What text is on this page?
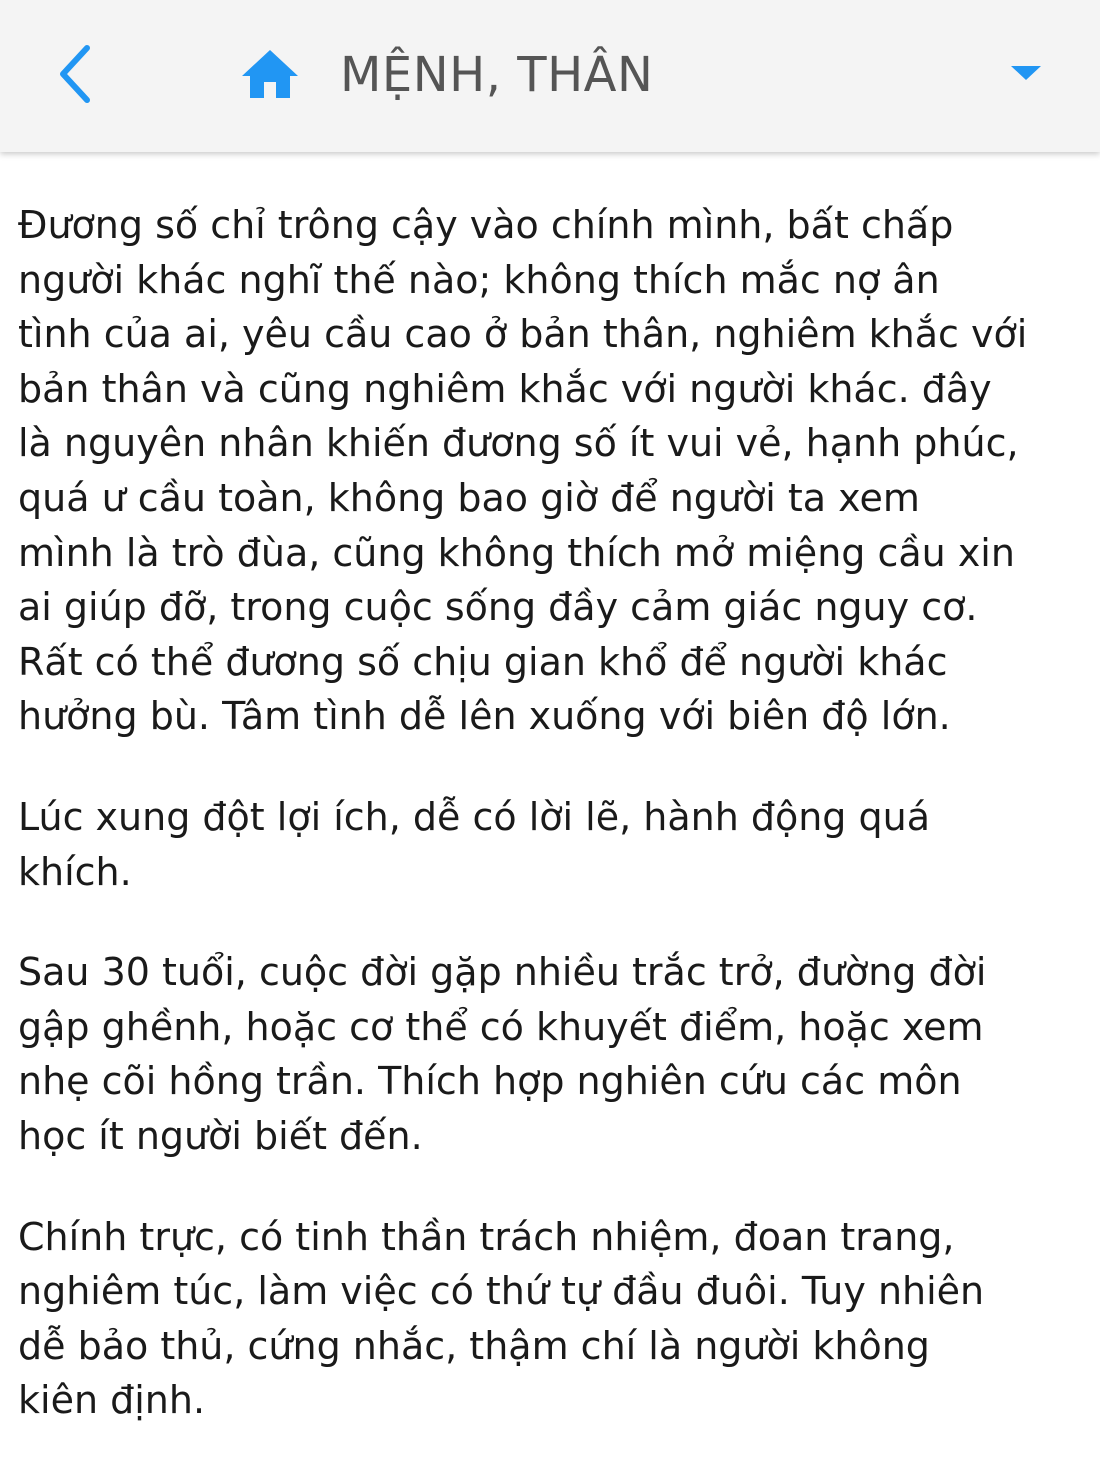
MỆNH, THÂN

Đương số chỉ trông cậy vào chính mình, bất chấp
người khác nghĩ thế nào; không thích mắc nợ ân
tình của ai, yêu cầu cao ở bản thân, nghiêm khắc với
bản thân và cũng nghiêm khắc với người khác. đây
là nguyên nhân khiến đương số ít vui vẻ, hạnh phúc,
quá ư cầu toàn, không bao giờ để người ta xem
mình là trò đùa, cũng không thích mở miệng cầu xin
ai giúp đỡ, trong cuộc sống đầy cảm giác nguy cơ.
Rất có thể đương số chịu gian khổ để người khác
hưởng bù. Tâm tình dễ lên xuống với biên độ lớn.

Lúc xung đột lợi ích, dễ có lời lẽ, hành động quá
khích.

Sau 30 tuổi, cuộc đời gặp nhiều trắc trở, đường đời
gập ghềnh, hoặc cơ thể có khuyết điểm, hoặc xem
nhẹ cõi hồng trần. Thích hợp nghiên cứu các môn
học ít người biết đến.

Chính trực, có tinh thần trách nhiệm, đoan trang,
nghiêm túc, làm việc có thứ tự đầu đuôi. Tuy nhiên
dễ bảo thủ, cứng nhắc, thậm chí là người không
kiên định.
